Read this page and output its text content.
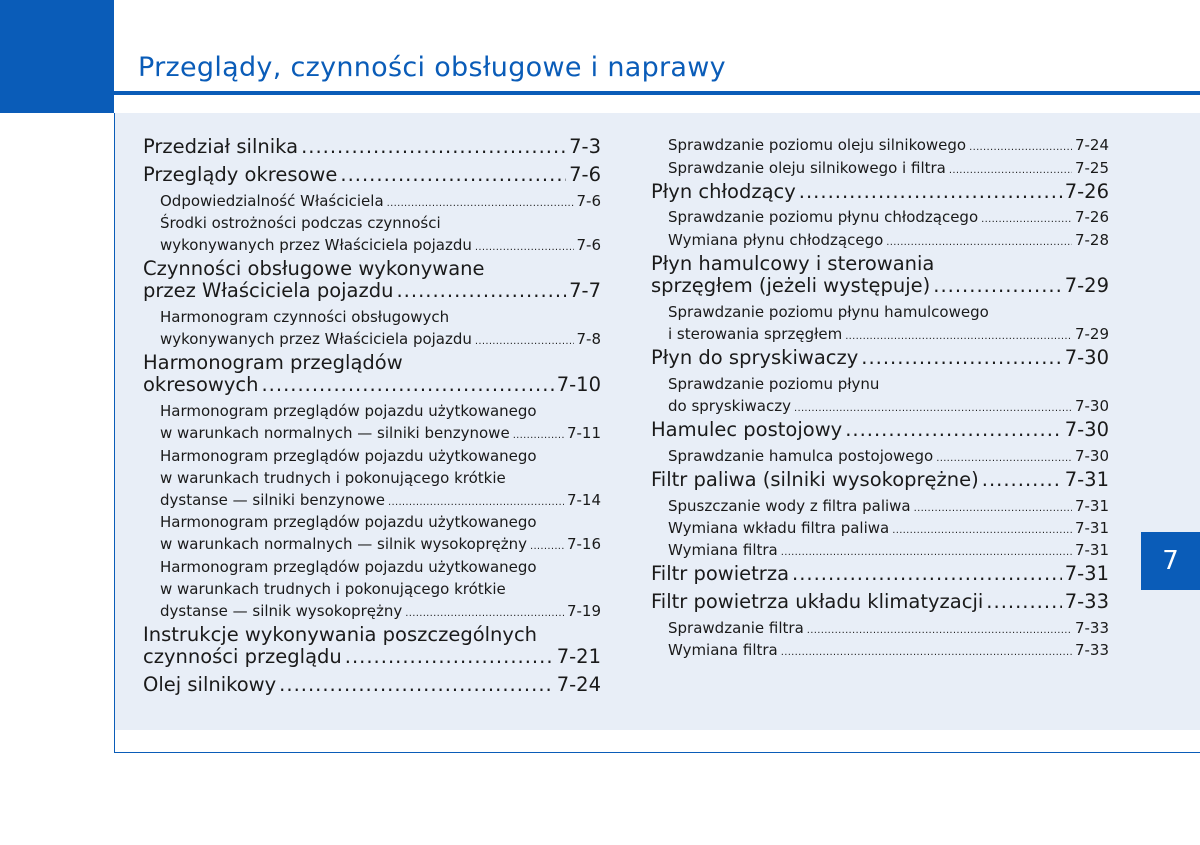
Przeglądy, czynności obsługowe i naprawy
Przedział silnika .....	7-3
Przeglądy okresowe .....	7-6
Odpowiedzialność Właściciela .....	7-6
Środki ostrożności podczas czynności
wykonywanych przez Właściciela pojazdu .....	7-6
Czynności obsługowe wykonywane
przez Właściciela pojazdu .....	7-7
Harmonogram czynności obsługowych
wykonywanych przez Właściciela pojazdu .....	7-8
Harmonogram przeglądów
okresowych .....	7-10
Harmonogram przeglądów pojazdu użytkowanego
w warunkach normalnych — silniki benzynowe .....	7-11
Harmonogram przeglądów pojazdu użytkowanego
w warunkach trudnych i pokonującego krótkie
dystanse — silniki benzynowe .....	7-14
Harmonogram przeglądów pojazdu użytkowanego
w warunkach normalnych — silnik wysokoprężny .....	7-16
Harmonogram przeglądów pojazdu użytkowanego
w warunkach trudnych i pokonującego krótkie
dystanse — silnik wysokoprężny .....	7-19
Instrukcje wykonywania poszczególnych
czynności przeglądu .....	7-21
Olej silnikowy .....	7-24
Sprawdzanie poziomu oleju silnikowego .....	7-24
Sprawdzanie oleju silnikowego i filtra .....	7-25
Płyn chłodzący .....	7-26
Sprawdzanie poziomu płynu chłodzącego .....	7-26
Wymiana płynu chłodzącego .....	7-28
Płyn hamulcowy i sterowania
sprzęgłem (jeżeli występuje) .....	7-29
Sprawdzanie poziomu płynu hamulcowego
i sterowania sprzęgłem .....	7-29
Płyn do spryskiwaczy .....	7-30
Sprawdzanie poziomu płynu
do spryskiwaczy .....	7-30
Hamulec postojowy .....	7-30
Sprawdzanie hamulca postojowego .....	7-30
Filtr paliwa (silniki wysokoprężne) .....	7-31
Spuszczanie wody z filtra paliwa .....	7-31
Wymiana wkładu filtra paliwa .....	7-31
Wymiana filtra .....	7-31
Filtr powietrza .....	7-31
Filtr powietrza układu klimatyzacji .....	7-33
Sprawdzanie filtra .....	7-33
Wymiana filtra .....	7-33
7
